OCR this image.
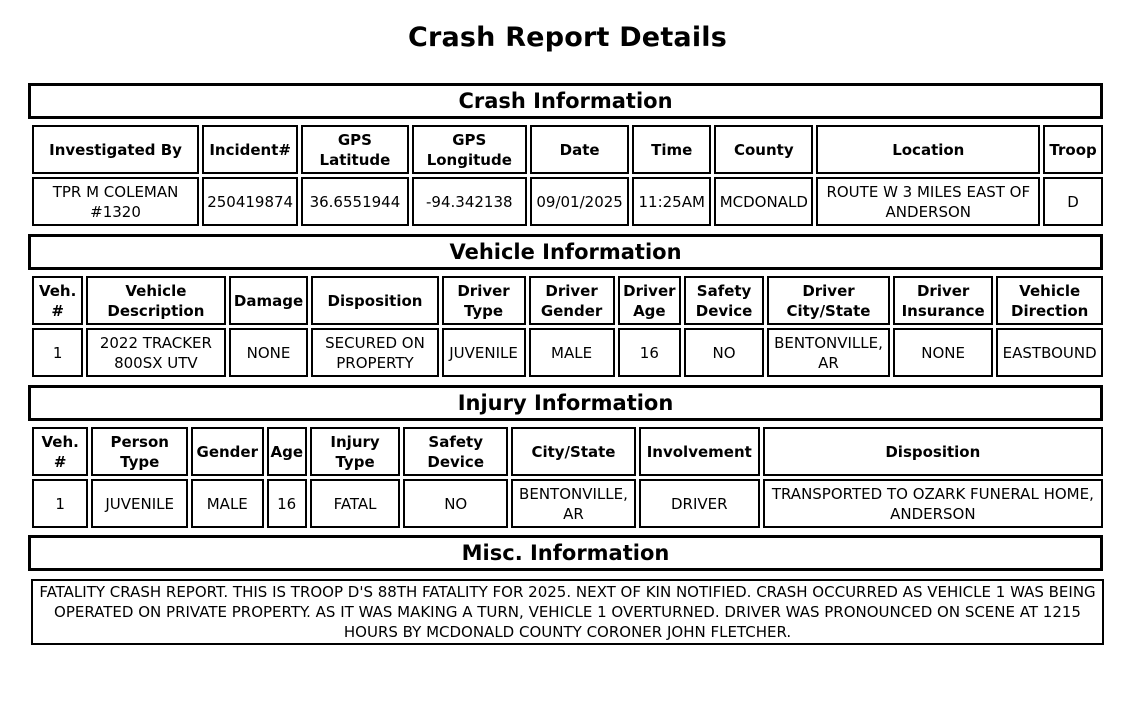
Crash Report Details
Crash Information
Investigated By	Incident#	GPS Latitude	GPS Longitude	Date	Time	County	Location	Troop
TPR M COLEMAN #1320	250419874	36.6551944	-94.342138	09/01/2025	11:25AM	MCDONALD	ROUTE W 3 MILES EAST OF ANDERSON	D
Vehicle Information
Veh. #	Vehicle Description	Damage	Disposition	Driver Type	Driver Gender	Driver Age	Safety Device	Driver City/State	Driver Insurance	Vehicle Direction
1	2022 TRACKER 800SX UTV	NONE	SECURED ON PROPERTY	JUVENILE	MALE	16	NO	BENTONVILLE, AR	NONE	EASTBOUND
Injury Information
Veh. #	Person Type	Gender	Age	Injury Type	Safety Device	City/State	Involvement	Disposition
1	JUVENILE	MALE	16	FATAL	NO	BENTONVILLE, AR	DRIVER	TRANSPORTED TO OZARK FUNERAL HOME, ANDERSON
Misc. Information
FATALITY CRASH REPORT. THIS IS TROOP D'S 88TH FATALITY FOR 2025. NEXT OF KIN NOTIFIED. CRASH OCCURRED AS VEHICLE 1 WAS BEING OPERATED ON PRIVATE PROPERTY. AS IT WAS MAKING A TURN, VEHICLE 1 OVERTURNED. DRIVER WAS PRONOUNCED ON SCENE AT 1215 HOURS BY MCDONALD COUNTY CORONER JOHN FLETCHER.
